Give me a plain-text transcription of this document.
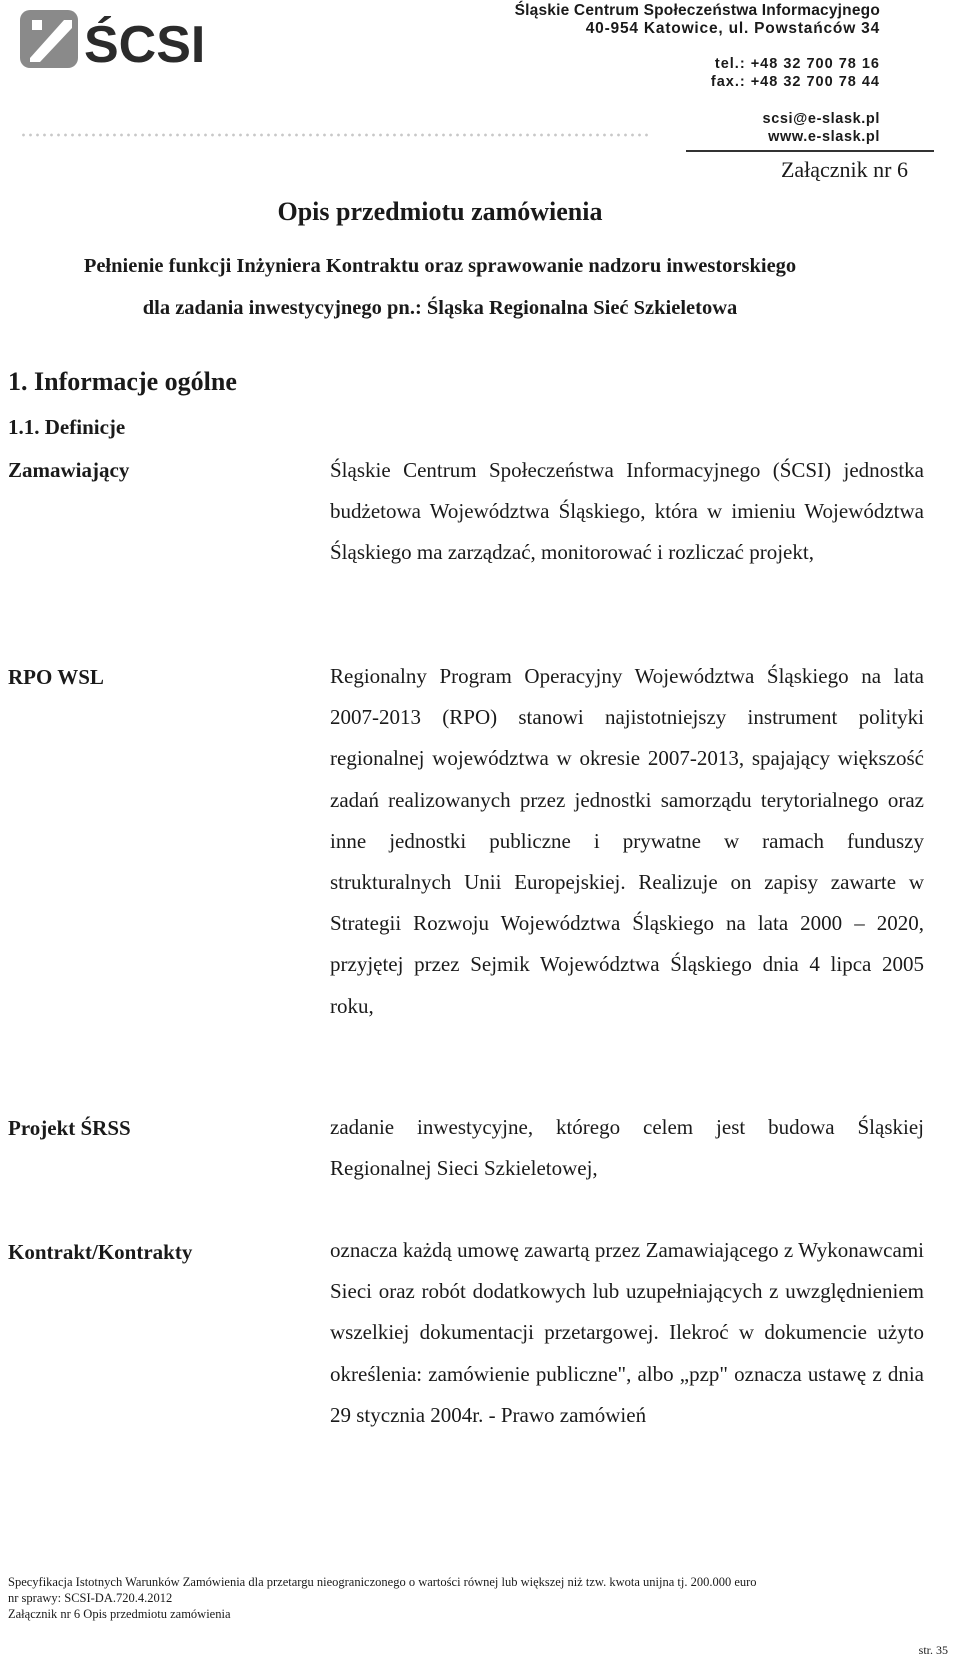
ŚCSI
Śląskie Centrum Społeczeństwa Informacyjnego
40-954 Katowice, ul. Powstańców 34
tel.: +48 32 700 78 16
fax.: +48 32 700 78 44
scsi@e-slask.pl
www.e-slask.pl
Załącznik nr 6
Opis przedmiotu zamówienia
Pełnienie funkcji Inżyniera Kontraktu oraz sprawowanie nadzoru inwestorskiego
dla zadania inwestycyjnego pn.: Śląska Regionalna Sieć Szkieletowa
1. Informacje ogólne
1.1. Definicje
Zamawiający	Śląskie Centrum Społeczeństwa Informacyjnego (ŚCSI) jednostka budżetowa Województwa Śląskiego, która w imieniu Województwa Śląskiego ma zarządzać, monitorować i rozliczać projekt,
RPO WSL	Regionalny Program Operacyjny Województwa Śląskiego na lata 2007-2013 (RPO) stanowi najistotniejszy instrument polityki regionalnej województwa w okresie 2007-2013, spajający większość zadań realizowanych przez jednostki samorządu terytorialnego oraz inne jednostki publiczne i prywatne w ramach funduszy strukturalnych Unii Europejskiej. Realizuje on zapisy zawarte w Strategii Rozwoju Województwa Śląskiego na lata 2000 – 2020, przyjętej przez Sejmik Województwa Śląskiego dnia 4 lipca 2005 roku,
Projekt ŚRSS	zadanie inwestycyjne, którego celem jest budowa Śląskiej Regionalnej Sieci Szkieletowej,
Kontrakt/Kontrakty	oznacza każdą umowę zawartą przez Zamawiającego z Wykonawcami Sieci oraz robót dodatkowych lub uzupełniających z uwzględnieniem wszelkiej dokumentacji przetargowej. Ilekroć w dokumencie użyto określenia: zamówienie publiczne", albo „pzp" oznacza ustawę z dnia 29 stycznia 2004r. - Prawo zamówień
Specyfikacja Istotnych Warunków Zamówienia dla przetargu nieograniczonego o wartości równej lub większej niż tzw. kwota unijna tj. 200.000 euro
nr sprawy: SCSI-DA.720.4.2012
Załącznik nr 6 Opis przedmiotu zamówienia
str. 35
